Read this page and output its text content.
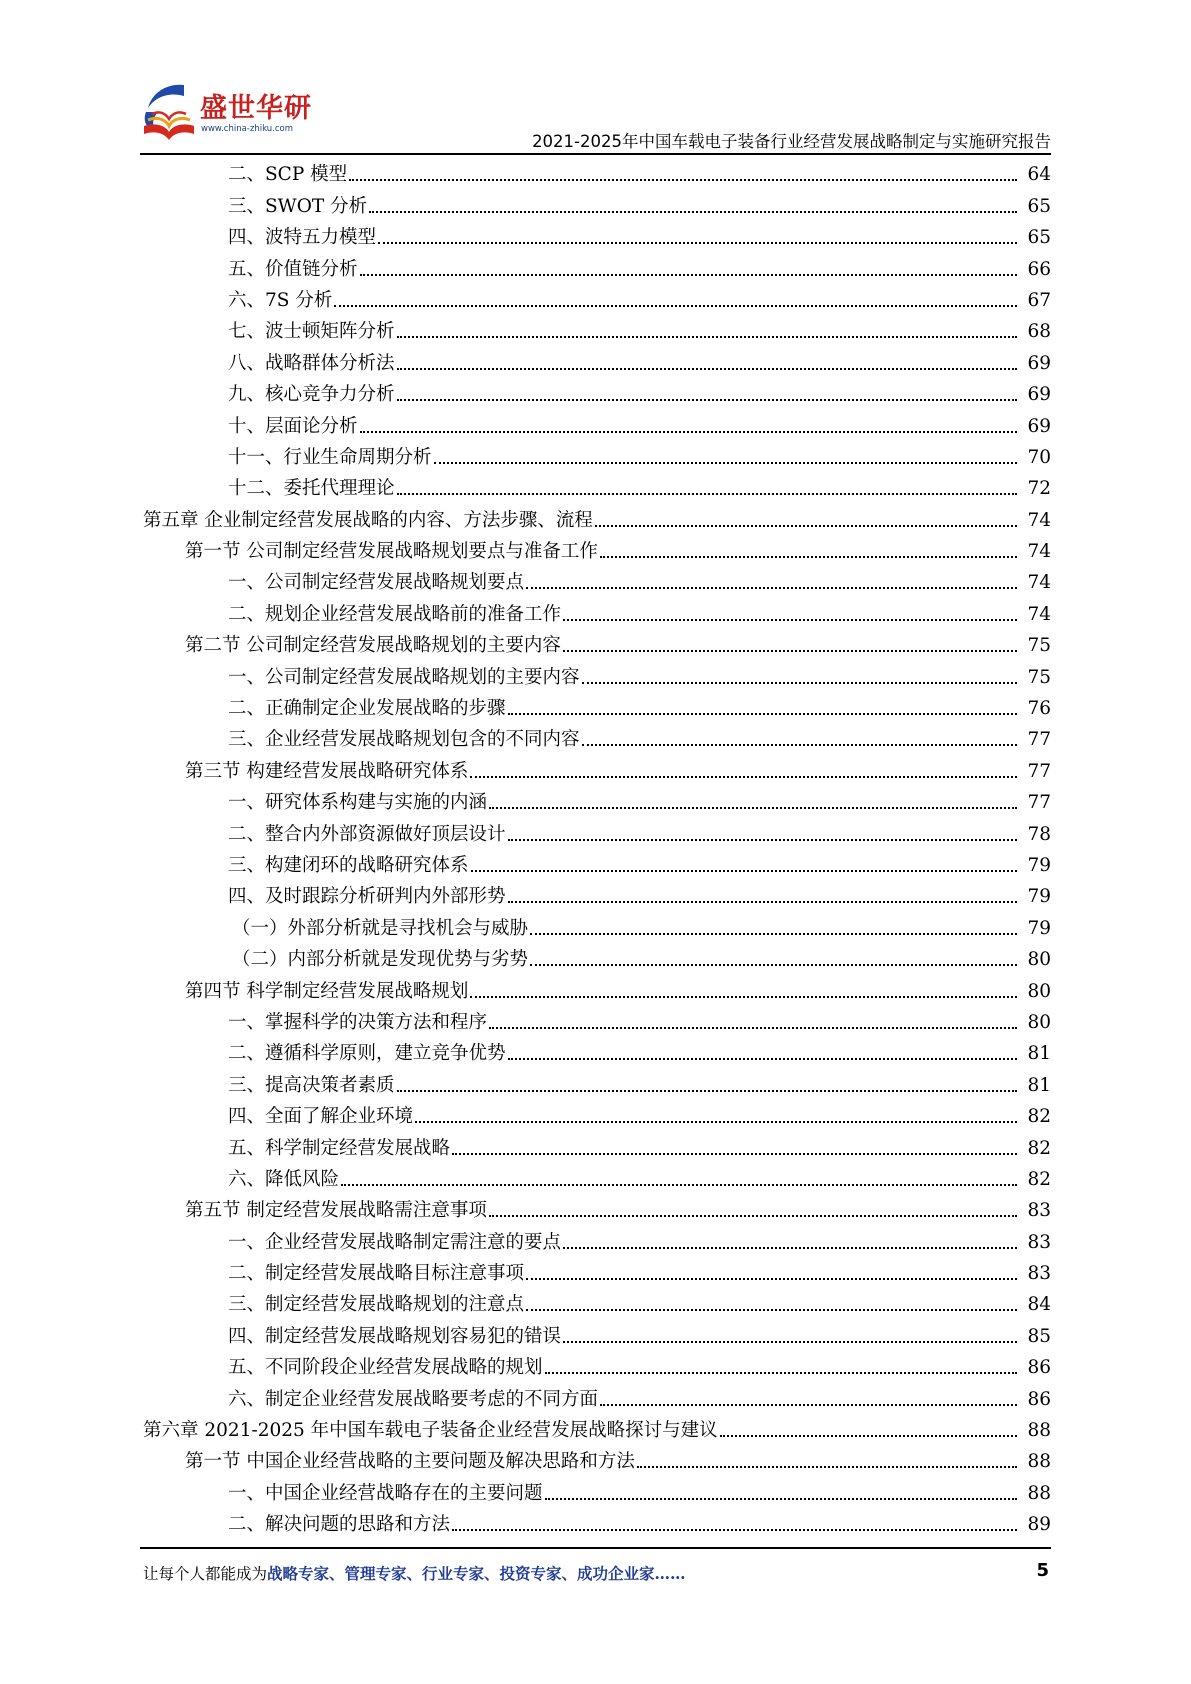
盛世华研
www.china-zhiku.com
2021-2025年中国车载电子装备行业经营发展战略制定与实施研究报告
二、SCP 模型	64
三、SWOT 分析	65
四、波特五力模型	65
五、价值链分析	66
六、7S 分析	67
七、波士顿矩阵分析	68
八、战略群体分析法	69
九、核心竞争力分析	69
十、层面论分析	69
十一、行业生命周期分析	70
十二、委托代理理论	72
第五章 企业制定经营发展战略的内容、方法步骤、流程	74
第一节 公司制定经营发展战略规划要点与准备工作	74
一、公司制定经营发展战略规划要点	74
二、规划企业经营发展战略前的准备工作	74
第二节 公司制定经营发展战略规划的主要内容	75
一、公司制定经营发展战略规划的主要内容	75
二、正确制定企业发展战略的步骤	76
三、企业经营发展战略规划包含的不同内容	77
第三节 构建经营发展战略研究体系	77
一、研究体系构建与实施的内涵	77
二、整合内外部资源做好顶层设计	78
三、构建闭环的战略研究体系	79
四、及时跟踪分析研判内外部形势	79
（一）外部分析就是寻找机会与威胁	79
（二）内部分析就是发现优势与劣势	80
第四节 科学制定经营发展战略规划	80
一、掌握科学的决策方法和程序	80
二、遵循科学原则，建立竞争优势	81
三、提高决策者素质	81
四、全面了解企业环境	82
五、科学制定经营发展战略	82
六、降低风险	82
第五节 制定经营发展战略需注意事项	83
一、企业经营发展战略制定需注意的要点	83
二、制定经营发展战略目标注意事项	83
三、制定经营发展战略规划的注意点	84
四、制定经营发展战略规划容易犯的错误	85
五、不同阶段企业经营发展战略的规划	86
六、制定企业经营发展战略要考虑的不同方面	86
第六章 2021-2025 年中国车载电子装备企业经营发展战略探讨与建议	88
第一节 中国企业经营战略的主要问题及解决思路和方法	88
一、中国企业经营战略存在的主要问题	88
二、解决问题的思路和方法	89
让每个人都能成为战略专家、管理专家、行业专家、投资专家、成功企业家……	5
